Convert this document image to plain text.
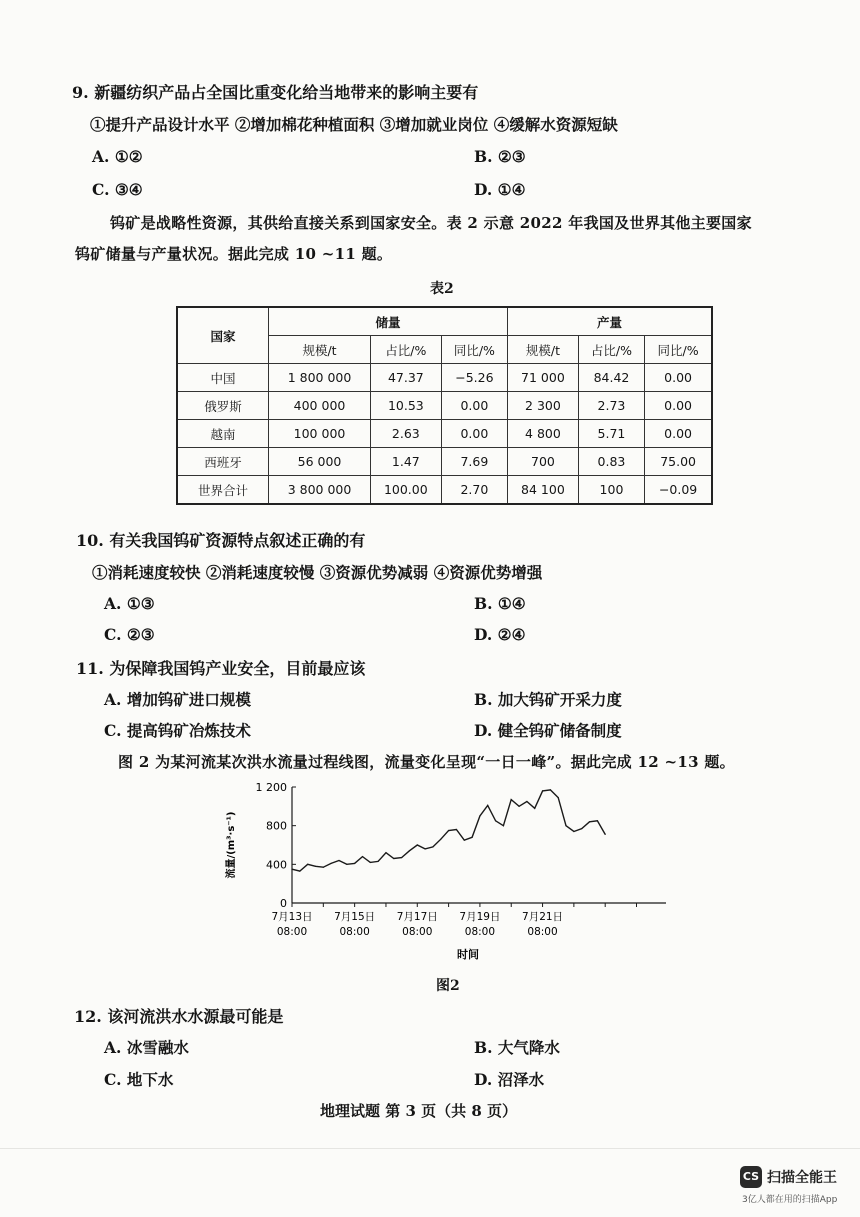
9. 新疆纺织产品占全国比重变化给当地带来的影响主要有
①提升产品设计水平 ②增加棉花种植面积 ③增加就业岗位 ④缓解水资源短缺
A. ①②	B. ②③
C. ③④	D. ①④
钨矿是战略性资源，其供给直接关系到国家安全。表 2 示意 2022 年我国及世界其他主要国家
钨矿储量与产量状况。据此完成 10 ~11 题。
表2
国家	储量			产量		
	规模/t	占比/%	同比/%	规模/t	占比/%	同比/%
中国	1 800 000	47.37	−5.26	71 000	84.42	0.00
俄罗斯	400 000	10.53	0.00	2 300	2.73	0.00
越南	100 000	2.63	0.00	4 800	5.71	0.00
西班牙	56 000	1.47	7.69	700	0.83	75.00
世界合计	3 800 000	100.00	2.70	84 100	100	−0.09
10. 有关我国钨矿资源特点叙述正确的有
①消耗速度较快 ②消耗速度较慢 ③资源优势减弱 ④资源优势增强
A. ①③	B. ①④
C. ②③	D. ②④
11. 为保障我国钨产业安全，目前最应该
A. 增加钨矿进口规模	B. 加大钨矿开采力度
C. 提高钨矿冶炼技术	D. 健全钨矿储备制度
图 2 为某河流某次洪水流量过程线图，流量变化呈现“一日一峰”。据此完成 12 ~13 题。
0
400
800
1 200
7月13日
08:00
7月15日
08:00
7月17日
08:00
7月19日
08:00
7月21日
08:00
流量/(m³·s⁻¹)
时间
图2
12. 该河流洪水水源最可能是
A. 冰雪融水	B. 大气降水
C. 地下水	D. 沼泽水
地理试题 第 3 页（共 8 页）
CS 扫描全能王
3亿人都在用的扫描App
